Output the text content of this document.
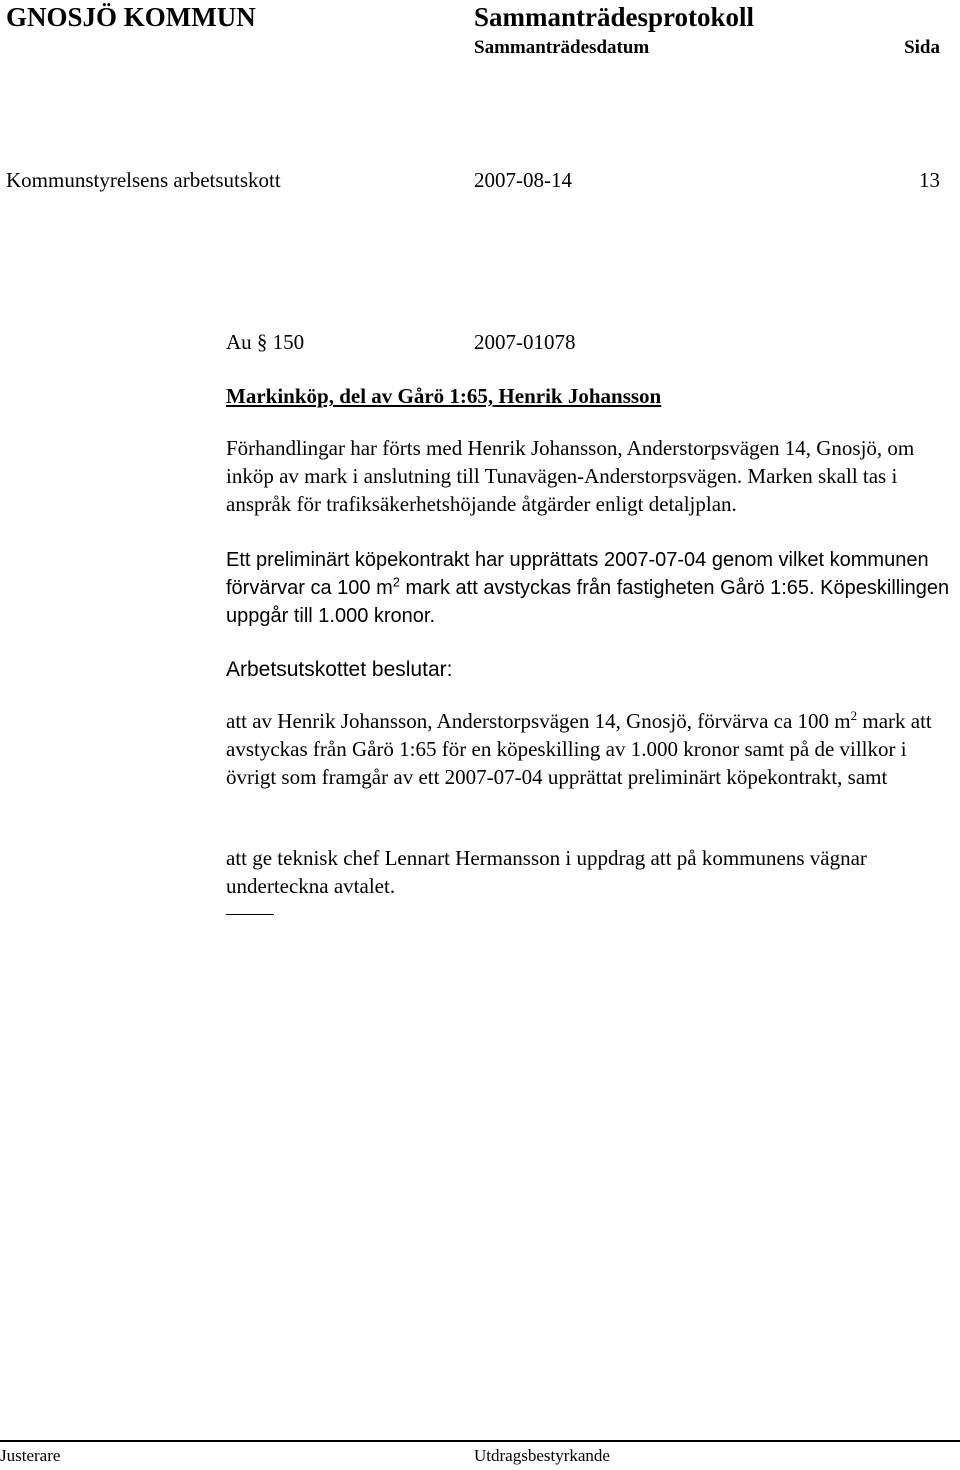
GNOSJÖ KOMMUN	Sammanträdesprotokoll
Sammanträdesdatum	Sida
Kommunstyrelsens arbetsutskott	2007-08-14	13
Au § 150	2007-01078
Markinköp, del av Gårö 1:65, Henrik Johansson
Förhandlingar har förts med Henrik Johansson, Anderstorpsvägen 14, Gnosjö, om inköp av mark i anslutning till Tunavägen-Anderstorpsvägen. Marken skall tas i anspråk för trafiksäkerhetshöjande åtgärder enligt detaljplan.
Ett preliminärt köpekontrakt har upprättats 2007-07-04 genom vilket kommunen förvärvar ca 100 $m^2$ mark att avstyckas från fastigheten Gårö 1:65. Köpeskillingen uppgår till 1.000 kronor.
Arbetsutskottet beslutar:
att av Henrik Johansson, Anderstorpsvägen 14, Gnosjö, förvärva ca 100 $m^2$ mark att avstyckas från Gårö 1:65 för en köpeskilling av 1.000 kronor samt på de villkor i övrigt som framgår av ett 2007-07-04 upprättat preliminärt köpekontrakt, samt
att ge teknisk chef Lennart Hermansson i uppdrag att på kommunens vägnar underteckna avtalet.
Justerare	Utdragsbestyrkande
